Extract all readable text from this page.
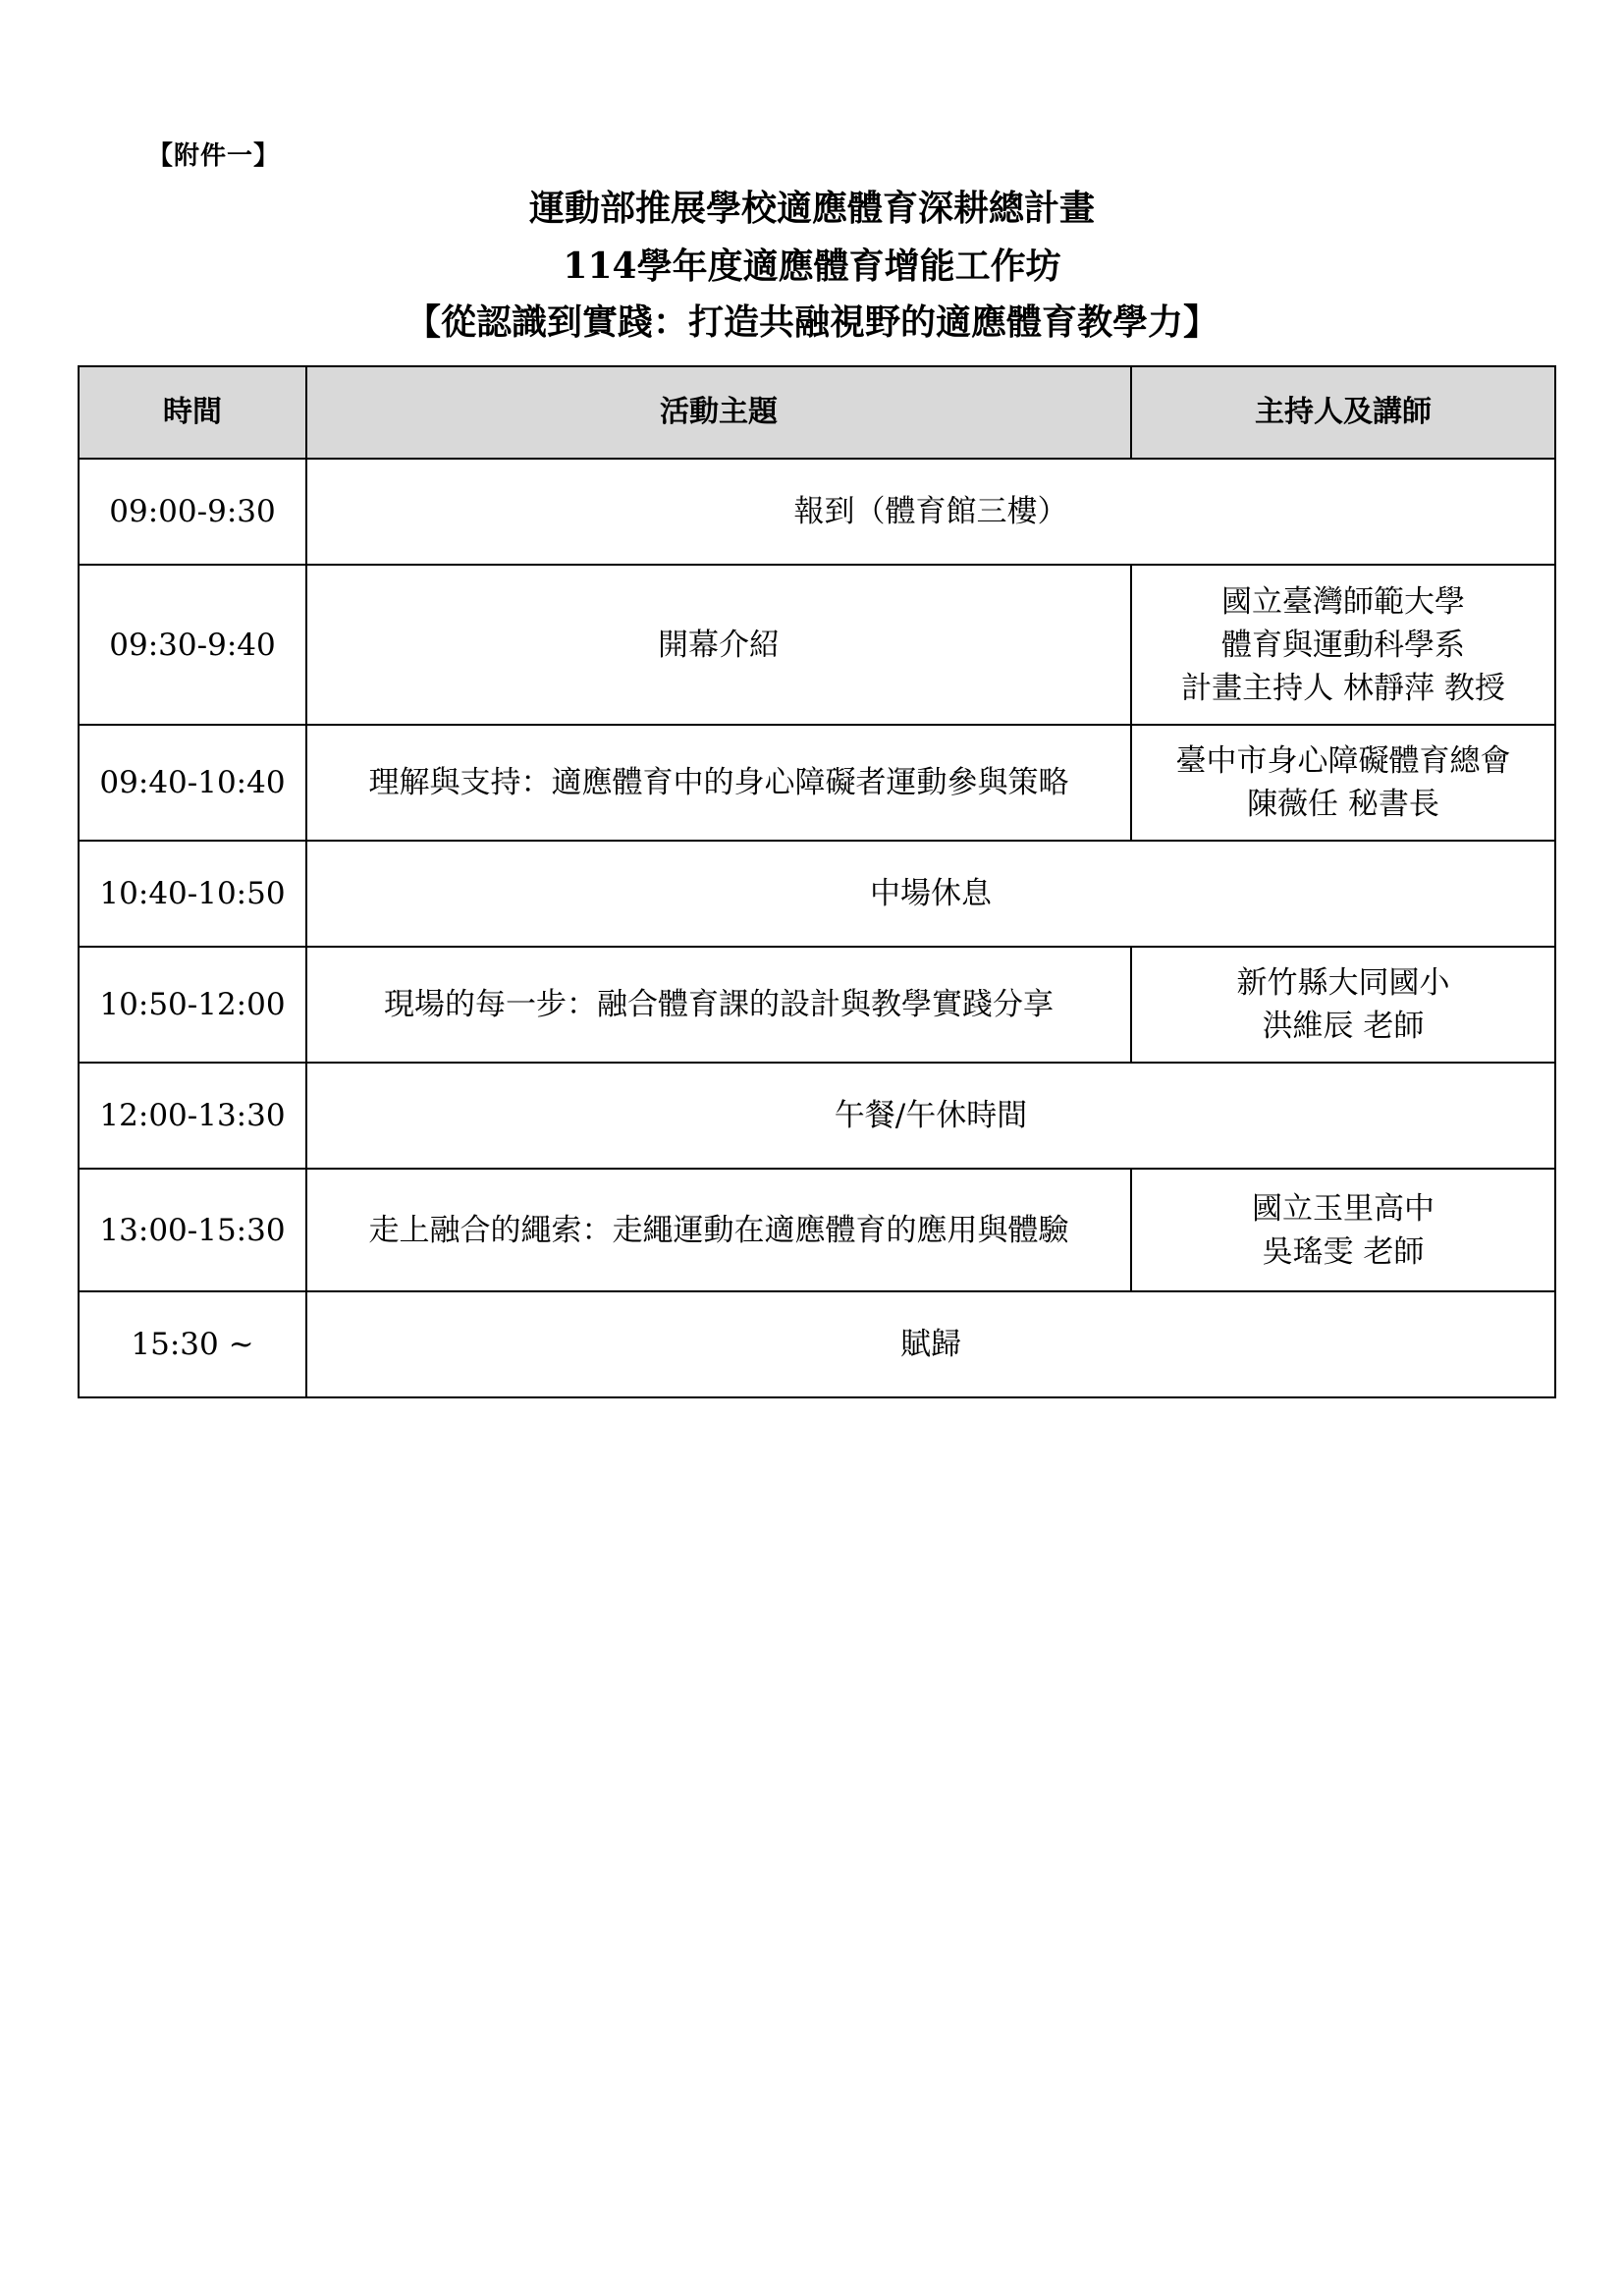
【附件一】
運動部推展學校適應體育深耕總計畫
114學年度適應體育增能工作坊
【從認識到實踐：打造共融視野的適應體育教學力】
時間	活動主題	主持人及講師
09:00-9:30	報到（體育館三樓）	
09:30-9:40	開幕介紹	國立臺灣師範大學
體育與運動科學系
計畫主持人 林靜萍 教授

09:40-10:40	理解與支持：適應體育中的身心障礙者運動參與策略	臺中市身心障礙體育總會
陳薇任 秘書長

10:40-10:50	中場休息	
10:50-12:00	現場的每一步：融合體育課的設計與教學實踐分享	新竹縣大同國小
洪維辰 老師

12:00-13:30	午餐/午休時間	
13:00-15:30	走上融合的繩索：走繩運動在適應體育的應用與體驗	國立玉里高中
吳瑤雯 老師

15:30 ~	賦歸	
